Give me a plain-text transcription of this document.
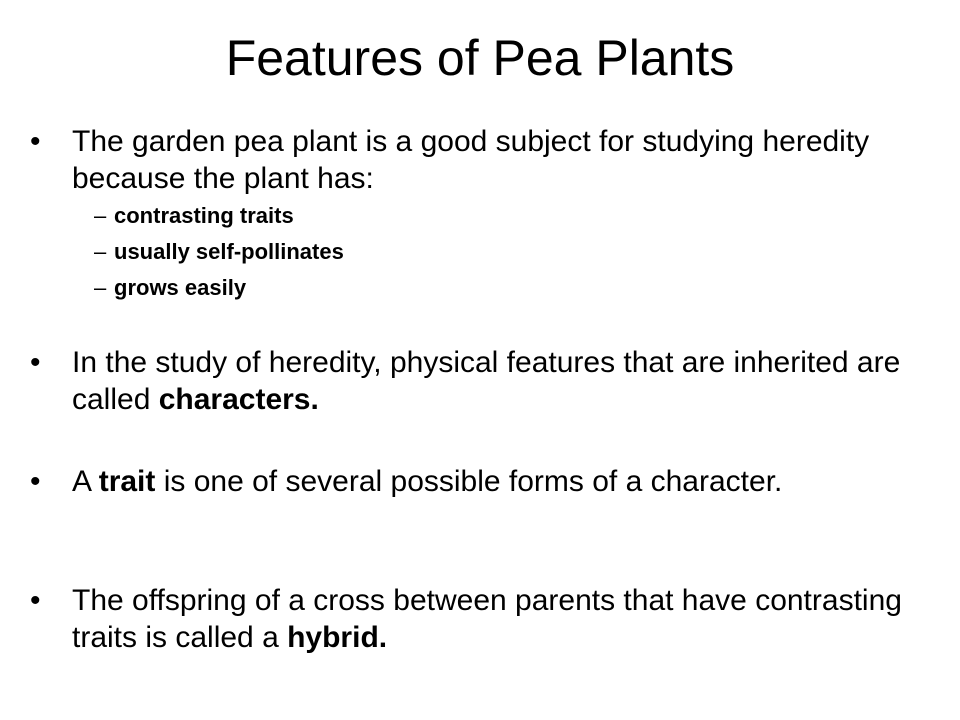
Features of Pea Plants
•	The garden pea plant is a good subject for studying heredity because the plant has:
– contrasting traits
– usually self-pollinates
– grows easily
•	In the study of heredity, physical features that are inherited are called characters.
•	A trait is one of several possible forms of a character.
•	The offspring of a cross between parents that have contrasting traits is called a hybrid.
